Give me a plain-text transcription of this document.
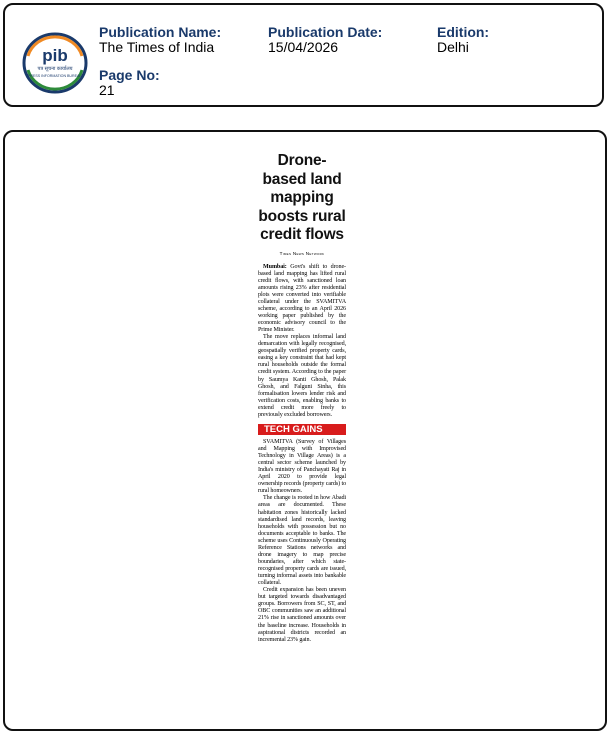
pib
पत्र सूचना कार्यालय
PRESS INFORMATION BUREAU
Publication Name:
The Times of India
Publication Date:
15/04/2026
Edition:
Delhi
Page No:
21
Drone-based land mapping boosts rural credit flows
Times News Network

Mumbai: Govt's shift to drone-based land mapping has lifted rural credit flows, with sanctioned loan amounts rising 23% after residential plots were converted into verifiable collateral under the SVAMITVA scheme, according to an April 2026 working paper published by the economic advisory council to the Prime Minister.

The move replaces informal land demarcation with legally recognised, geospatially verified property cards, easing a key constraint that had kept rural households outside the formal credit system. According to the paper by Saumya Kanti Ghosh, Palak Ghosh, and Falguni Sinha, this formalisation lowers lender risk and verification costs, enabling banks to extend credit more freely to previously excluded borrowers.

TECH GAINS

SVAMITVA (Survey of Villages and Mapping with Improvised Technology in Village Areas) is a central sector scheme launched by India's ministry of Panchayati Raj in April 2020 to provide legal ownership records (property cards) to rural homeowners.

The change is rooted in how Abadi areas are documented. These habitation zones historically lacked standardised land records, leaving households with possession but no documents acceptable to banks. The scheme uses Continuously Operating Reference Stations networks and drone imagery to map precise boundaries, after which state-recognised property cards are issued, turning informal assets into bankable collateral.

Credit expansion has been uneven but targeted towards disadvantaged groups. Borrowers from SC, ST, and OBC communities saw an additional 21% rise in sanctioned amounts over the baseline increase. Households in aspirational districts recorded an incremental 23% gain.
